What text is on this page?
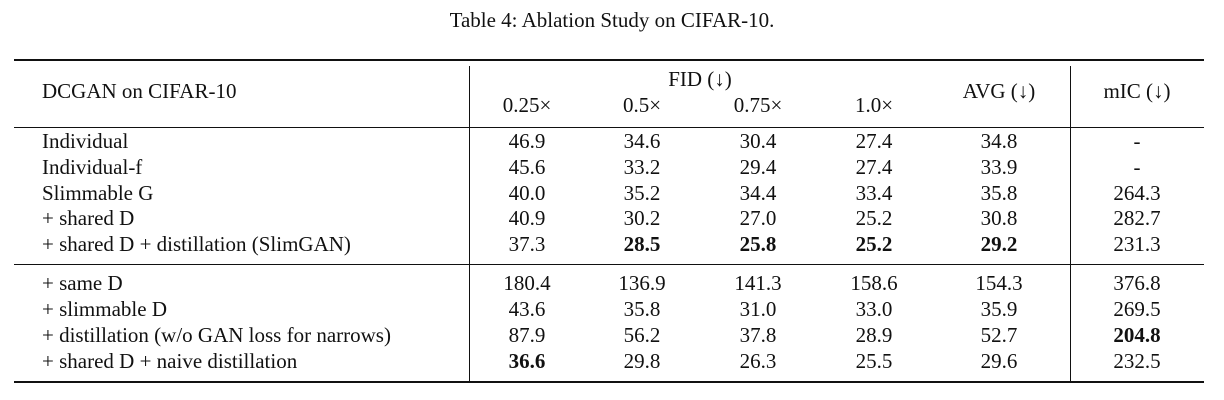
Table 4: Ablation Study on CIFAR-10.
DCGAN on CIFAR-10	FID (↓)
0.25×	0.5×	0.75×	1.0×
AVG (↓)	mIC (↓)
Individual	46.9	34.6	30.4	27.4	34.8	-
Individual-f	45.6	33.2	29.4	27.4	33.9	-
Slimmable G	40.0	35.2	34.4	33.4	35.8	264.3
+ shared D	40.9	30.2	27.0	25.2	30.8	282.7
+ shared D + distillation (SlimGAN)	37.3	28.5	25.8	25.2	29.2	231.3
+ same D	180.4	136.9	141.3	158.6	154.3	376.8
+ slimmable D	43.6	35.8	31.0	33.0	35.9	269.5
+ distillation (w/o GAN loss for narrows)	87.9	56.2	37.8	28.9	52.7	204.8
+ shared D + naive distillation	36.6	29.8	26.3	25.5	29.6	232.5
